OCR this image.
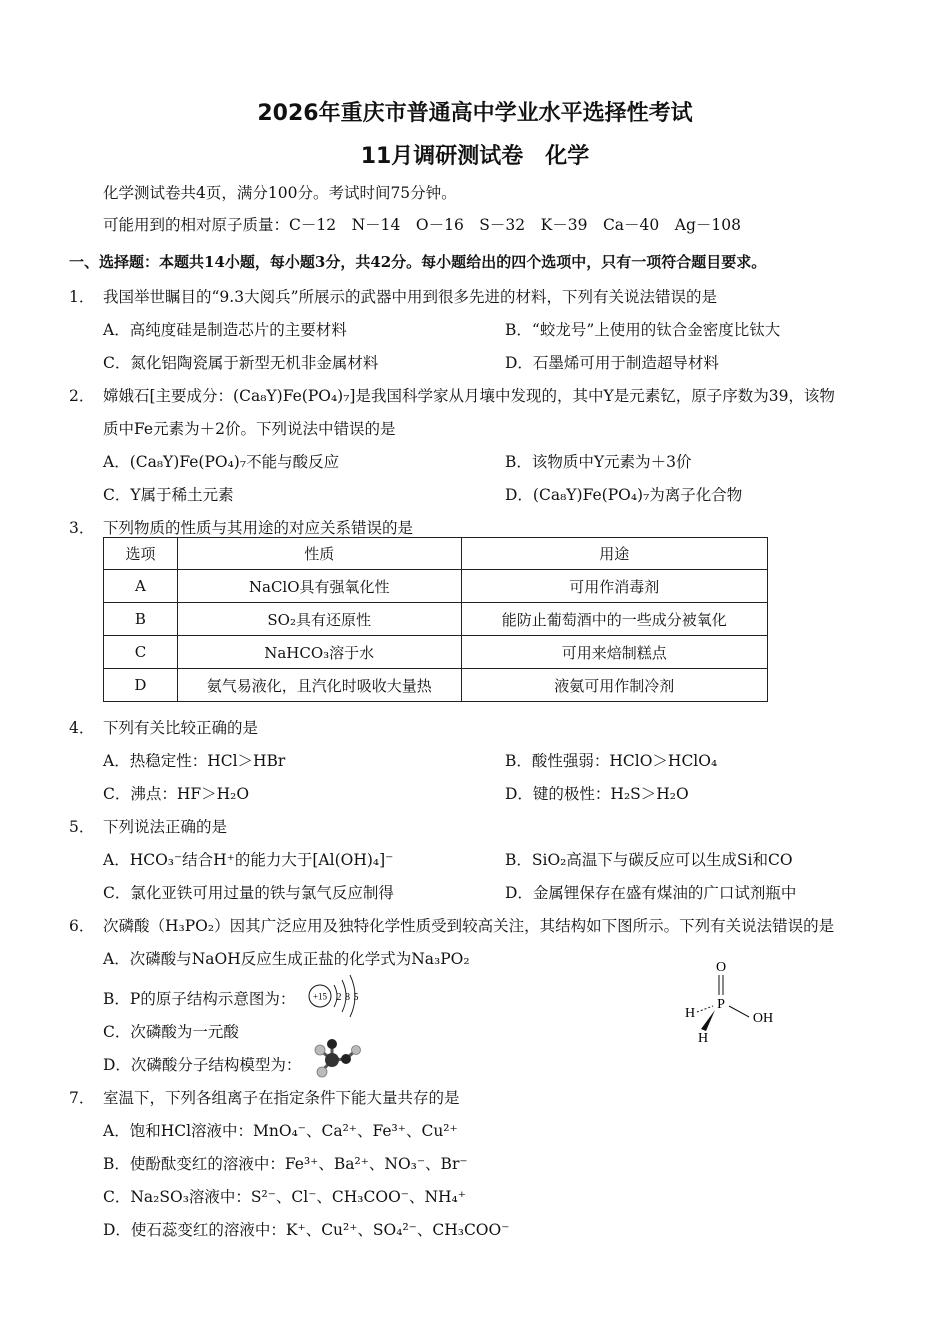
2026年重庆市普通高中学业水平选择性考试
11月调研测试卷　化学
化学测试卷共4页，满分100分。考试时间75分钟。
可能用到的相对原子质量：C－12　N－14　O－16　S－32　K－39　Ca－40　Ag－108
一、选择题：本题共14小题，每小题3分，共42分。每小题给出的四个选项中，只有一项符合题目要求。
1． 我国举世瞩目的“9.3大阅兵”所展示的武器中用到很多先进的材料，下列有关说法错误的是
A．高纯度硅是制造芯片的主要材料	B．“蛟龙号”上使用的钛合金密度比钛大
C．氮化铝陶瓷属于新型无机非金属材料	D．石墨烯可用于制造超导材料
2． 嫦娥石[主要成分：(Ca₈Y)Fe(PO₄)₇]是我国科学家从月壤中发现的，其中Y是元素钇，原子序数为39，该物
质中Fe元素为＋2价。下列说法中错误的是
A．(Ca₈Y)Fe(PO₄)₇不能与酸反应	B．该物质中Y元素为＋3价
C．Y属于稀土元素	D．(Ca₈Y)Fe(PO₄)₇为离子化合物
3． 下列物质的性质与其用途的对应关系错误的是
选项	性质	用途
A	NaClO具有强氧化性	可用作消毒剂
B	SO₂具有还原性	能防止葡萄酒中的一些成分被氧化
C	NaHCO₃溶于水	可用来焙制糕点
D	氨气易液化，且汽化时吸收大量热	液氨可用作制冷剂
4． 下列有关比较正确的是
A．热稳定性：HCl＞HBr	B．酸性强弱：HClO＞HClO₄
C．沸点：HF＞H₂O	D．键的极性：H₂S＞H₂O
5． 下列说法正确的是
A．HCO₃⁻结合H⁺的能力大于[Al(OH)₄]⁻	B．SiO₂高温下与碳反应可以生成Si和CO
C．氯化亚铁可用过量的铁与氯气反应制得	D．金属锂保存在盛有煤油的广口试剂瓶中
6． 次磷酸（H₃PO₂）因其广泛应用及独特化学性质受到较高关注，其结构如下图所示。下列有关说法错误的是
A．次磷酸与NaOH反应生成正盐的化学式为Na₃PO₂
B．P的原子结构示意图为： +15 2 8 5
C．次磷酸为一元酸
D．次磷酸分子结构模型为：
O
P
OH
H
H
7． 室温下，下列各组离子在指定条件下能大量共存的是
A．饱和HCl溶液中：MnO₄⁻、Ca²⁺、Fe³⁺、Cu²⁺
B．使酚酞变红的溶液中：Fe³⁺、Ba²⁺、NO₃⁻、Br⁻
C．Na₂SO₃溶液中：S²⁻、Cl⁻、CH₃COO⁻、NH₄⁺
D．使石蕊变红的溶液中：K⁺、Cu²⁺、SO₄²⁻、CH₃COO⁻
